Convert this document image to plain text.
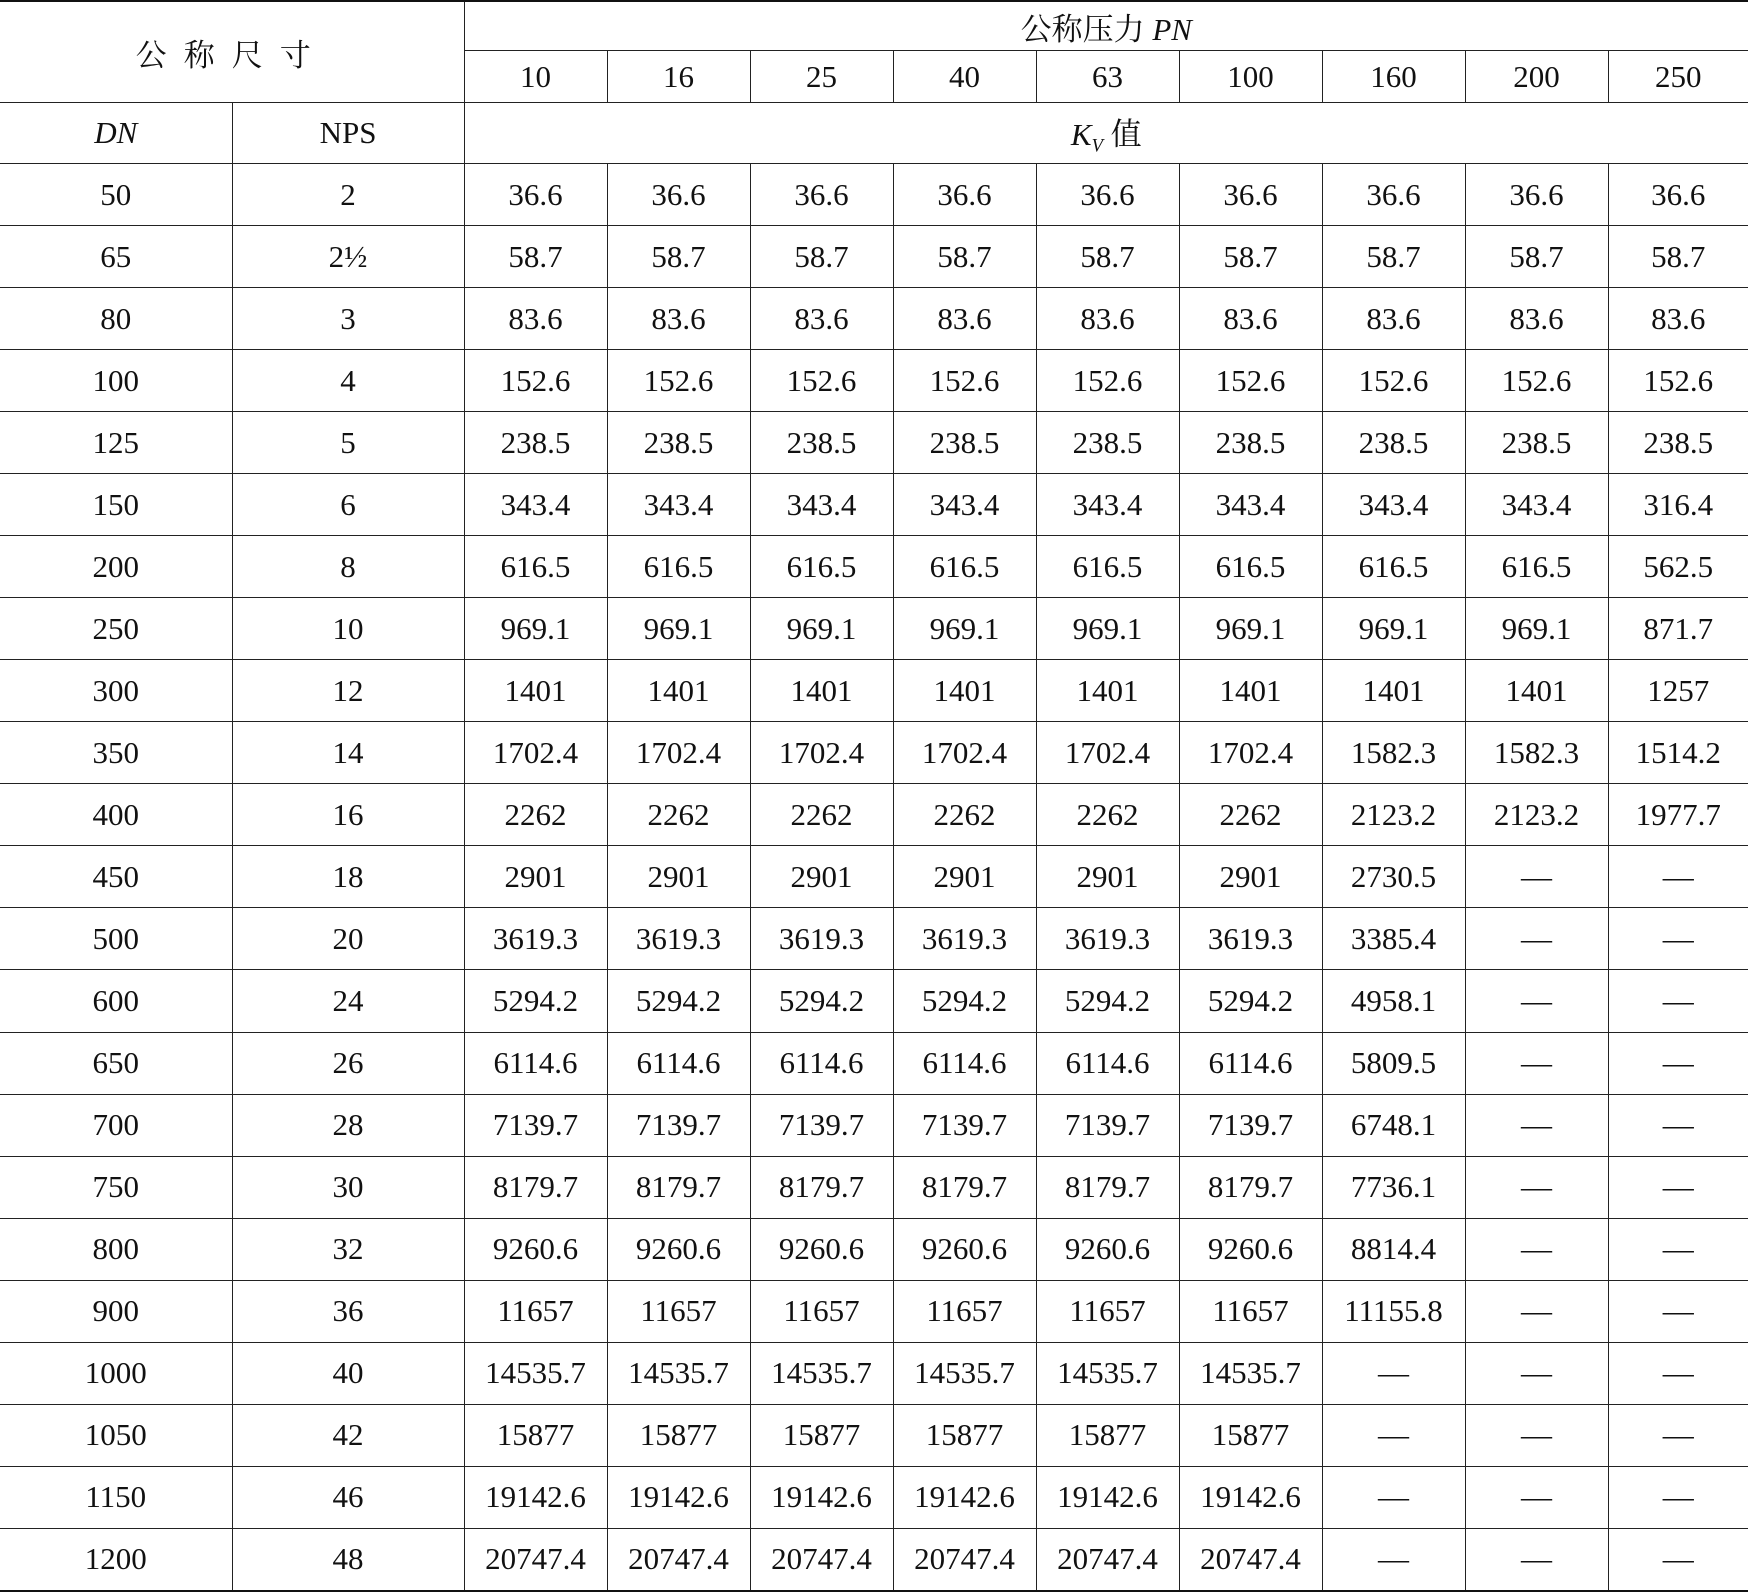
公称尺寸		公称压力 PN								
		10	16	25	40	63	100	160	200	250
DN	NPS	$K_V$ 值								
50	2	36.6	36.6	36.6	36.6	36.6	36.6	36.6	36.6	36.6
65	2½	58.7	58.7	58.7	58.7	58.7	58.7	58.7	58.7	58.7
80	3	83.6	83.6	83.6	83.6	83.6	83.6	83.6	83.6	83.6
100	4	152.6	152.6	152.6	152.6	152.6	152.6	152.6	152.6	152.6
125	5	238.5	238.5	238.5	238.5	238.5	238.5	238.5	238.5	238.5
150	6	343.4	343.4	343.4	343.4	343.4	343.4	343.4	343.4	316.4
200	8	616.5	616.5	616.5	616.5	616.5	616.5	616.5	616.5	562.5
250	10	969.1	969.1	969.1	969.1	969.1	969.1	969.1	969.1	871.7
300	12	1401	1401	1401	1401	1401	1401	1401	1401	1257
350	14	1702.4	1702.4	1702.4	1702.4	1702.4	1702.4	1582.3	1582.3	1514.2
400	16	2262	2262	2262	2262	2262	2262	2123.2	2123.2	1977.7
450	18	2901	2901	2901	2901	2901	2901	2730.5	—	—
500	20	3619.3	3619.3	3619.3	3619.3	3619.3	3619.3	3385.4	—	—
600	24	5294.2	5294.2	5294.2	5294.2	5294.2	5294.2	4958.1	—	—
650	26	6114.6	6114.6	6114.6	6114.6	6114.6	6114.6	5809.5	—	—
700	28	7139.7	7139.7	7139.7	7139.7	7139.7	7139.7	6748.1	—	—
750	30	8179.7	8179.7	8179.7	8179.7	8179.7	8179.7	7736.1	—	—
800	32	9260.6	9260.6	9260.6	9260.6	9260.6	9260.6	8814.4	—	—
900	36	11657	11657	11657	11657	11657	11657	11155.8	—	—
1000	40	14535.7	14535.7	14535.7	14535.7	14535.7	14535.7	—	—	—
1050	42	15877	15877	15877	15877	15877	15877	—	—	—
1150	46	19142.6	19142.6	19142.6	19142.6	19142.6	19142.6	—	—	—
1200	48	20747.4	20747.4	20747.4	20747.4	20747.4	20747.4	—	—	—
